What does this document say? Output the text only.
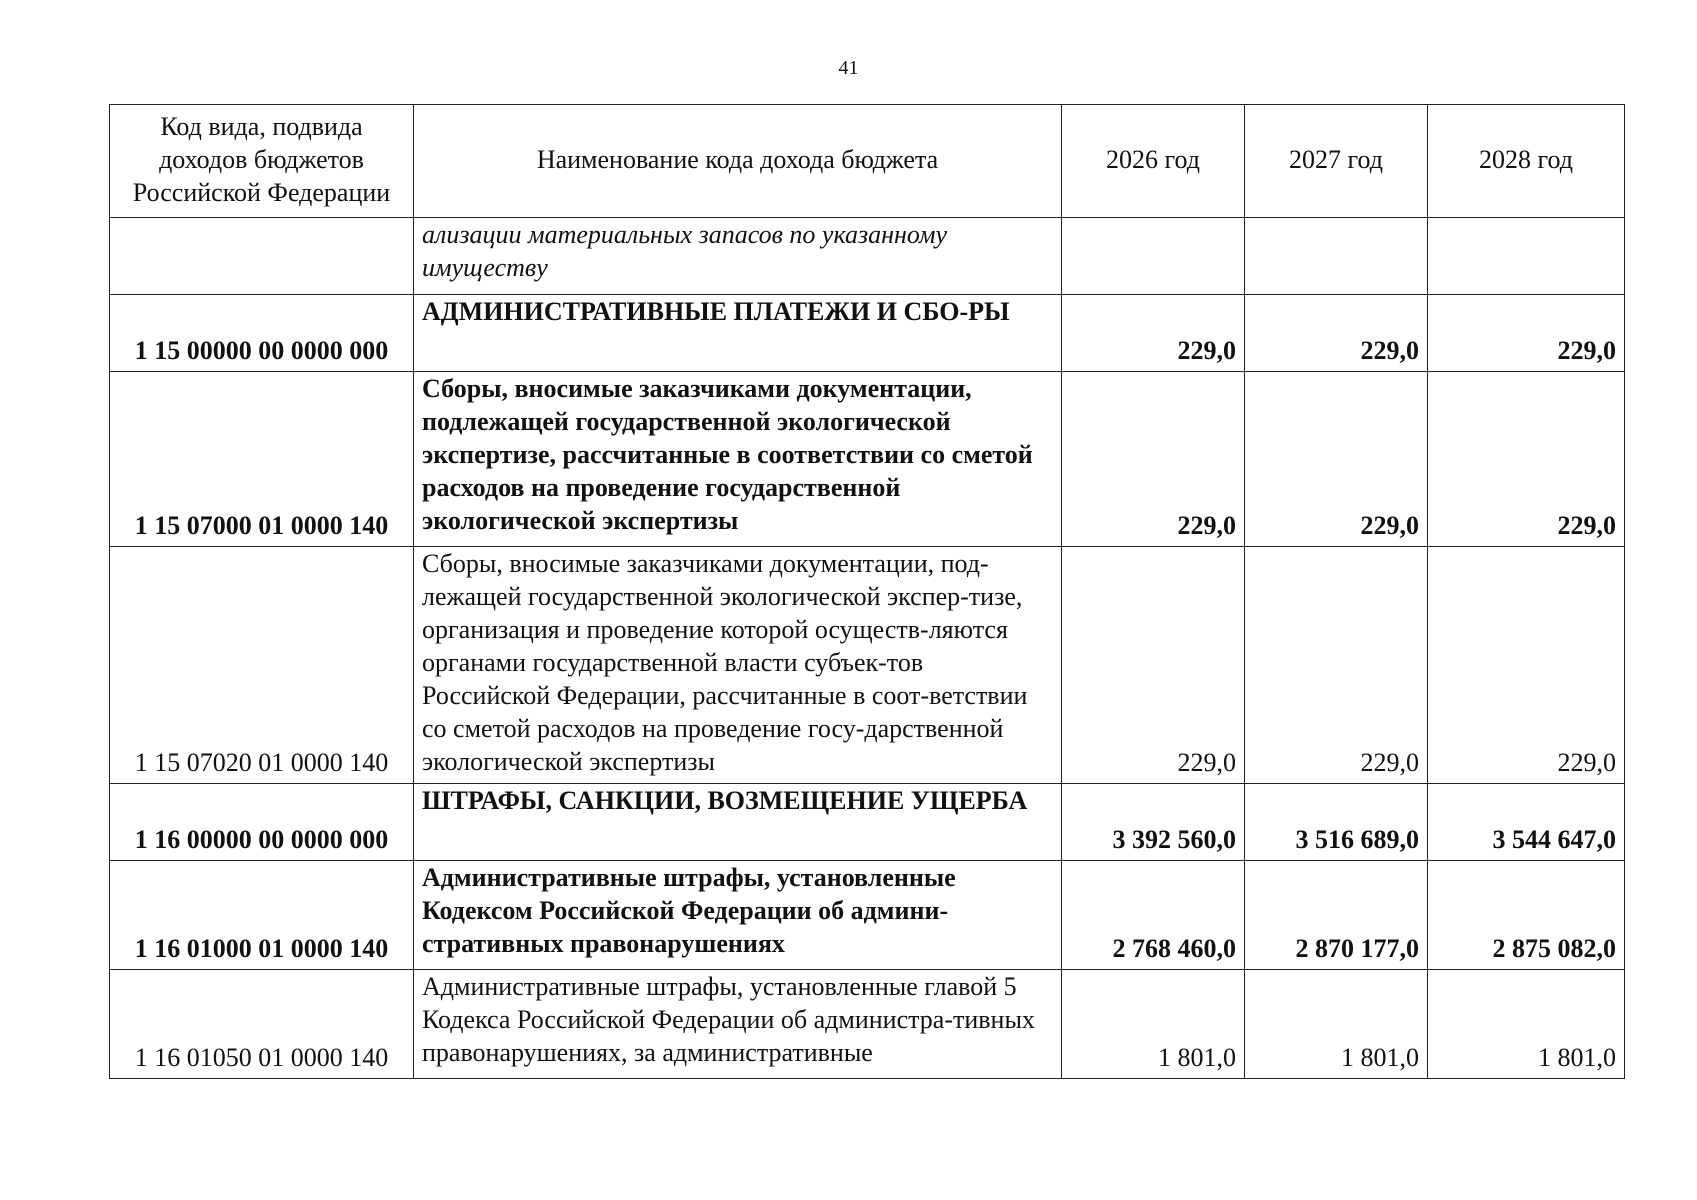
41
Код вида, подвида доходов бюджетов Российской Федерации	Наименование кода дохода бюджета	2026 год	2027 год	2028 год
	ализации материальных запасов по указанному имуществу			
1 15 00000 00 0000 000	АДМИНИСТРАТИВНЫЕ ПЛАТЕЖИ И СБО-РЫ	229,0	229,0	229,0
1 15 07000 01 0000 140	Сборы, вносимые заказчиками документации, подлежащей государственной экологической экспертизе, рассчитанные в соответствии со сметой расходов на проведение государственной экологической экспертизы	229,0	229,0	229,0
1 15 07020 01 0000 140	Сборы, вносимые заказчиками документации, под-лежащей государственной экологической экспер-тизе, организация и проведение которой осуществ-ляются органами государственной власти субъек-тов Российской Федерации, рассчитанные в соот-ветствии со сметой расходов на проведение госу-дарственной экологической экспертизы	229,0	229,0	229,0
1 16 00000 00 0000 000	ШТРАФЫ, САНКЦИИ, ВОЗМЕЩЕНИЕ УЩЕРБА	3 392 560,0	3 516 689,0	3 544 647,0
1 16 01000 01 0000 140	Административные штрафы, установленные Кодексом Российской Федерации об админи-стративных правонарушениях	2 768 460,0	2 870 177,0	2 875 082,0
1 16 01050 01 0000 140	Административные штрафы, установленные главой 5 Кодекса Российской Федерации об администра-тивных правонарушениях, за административные	1 801,0	1 801,0	1 801,0
